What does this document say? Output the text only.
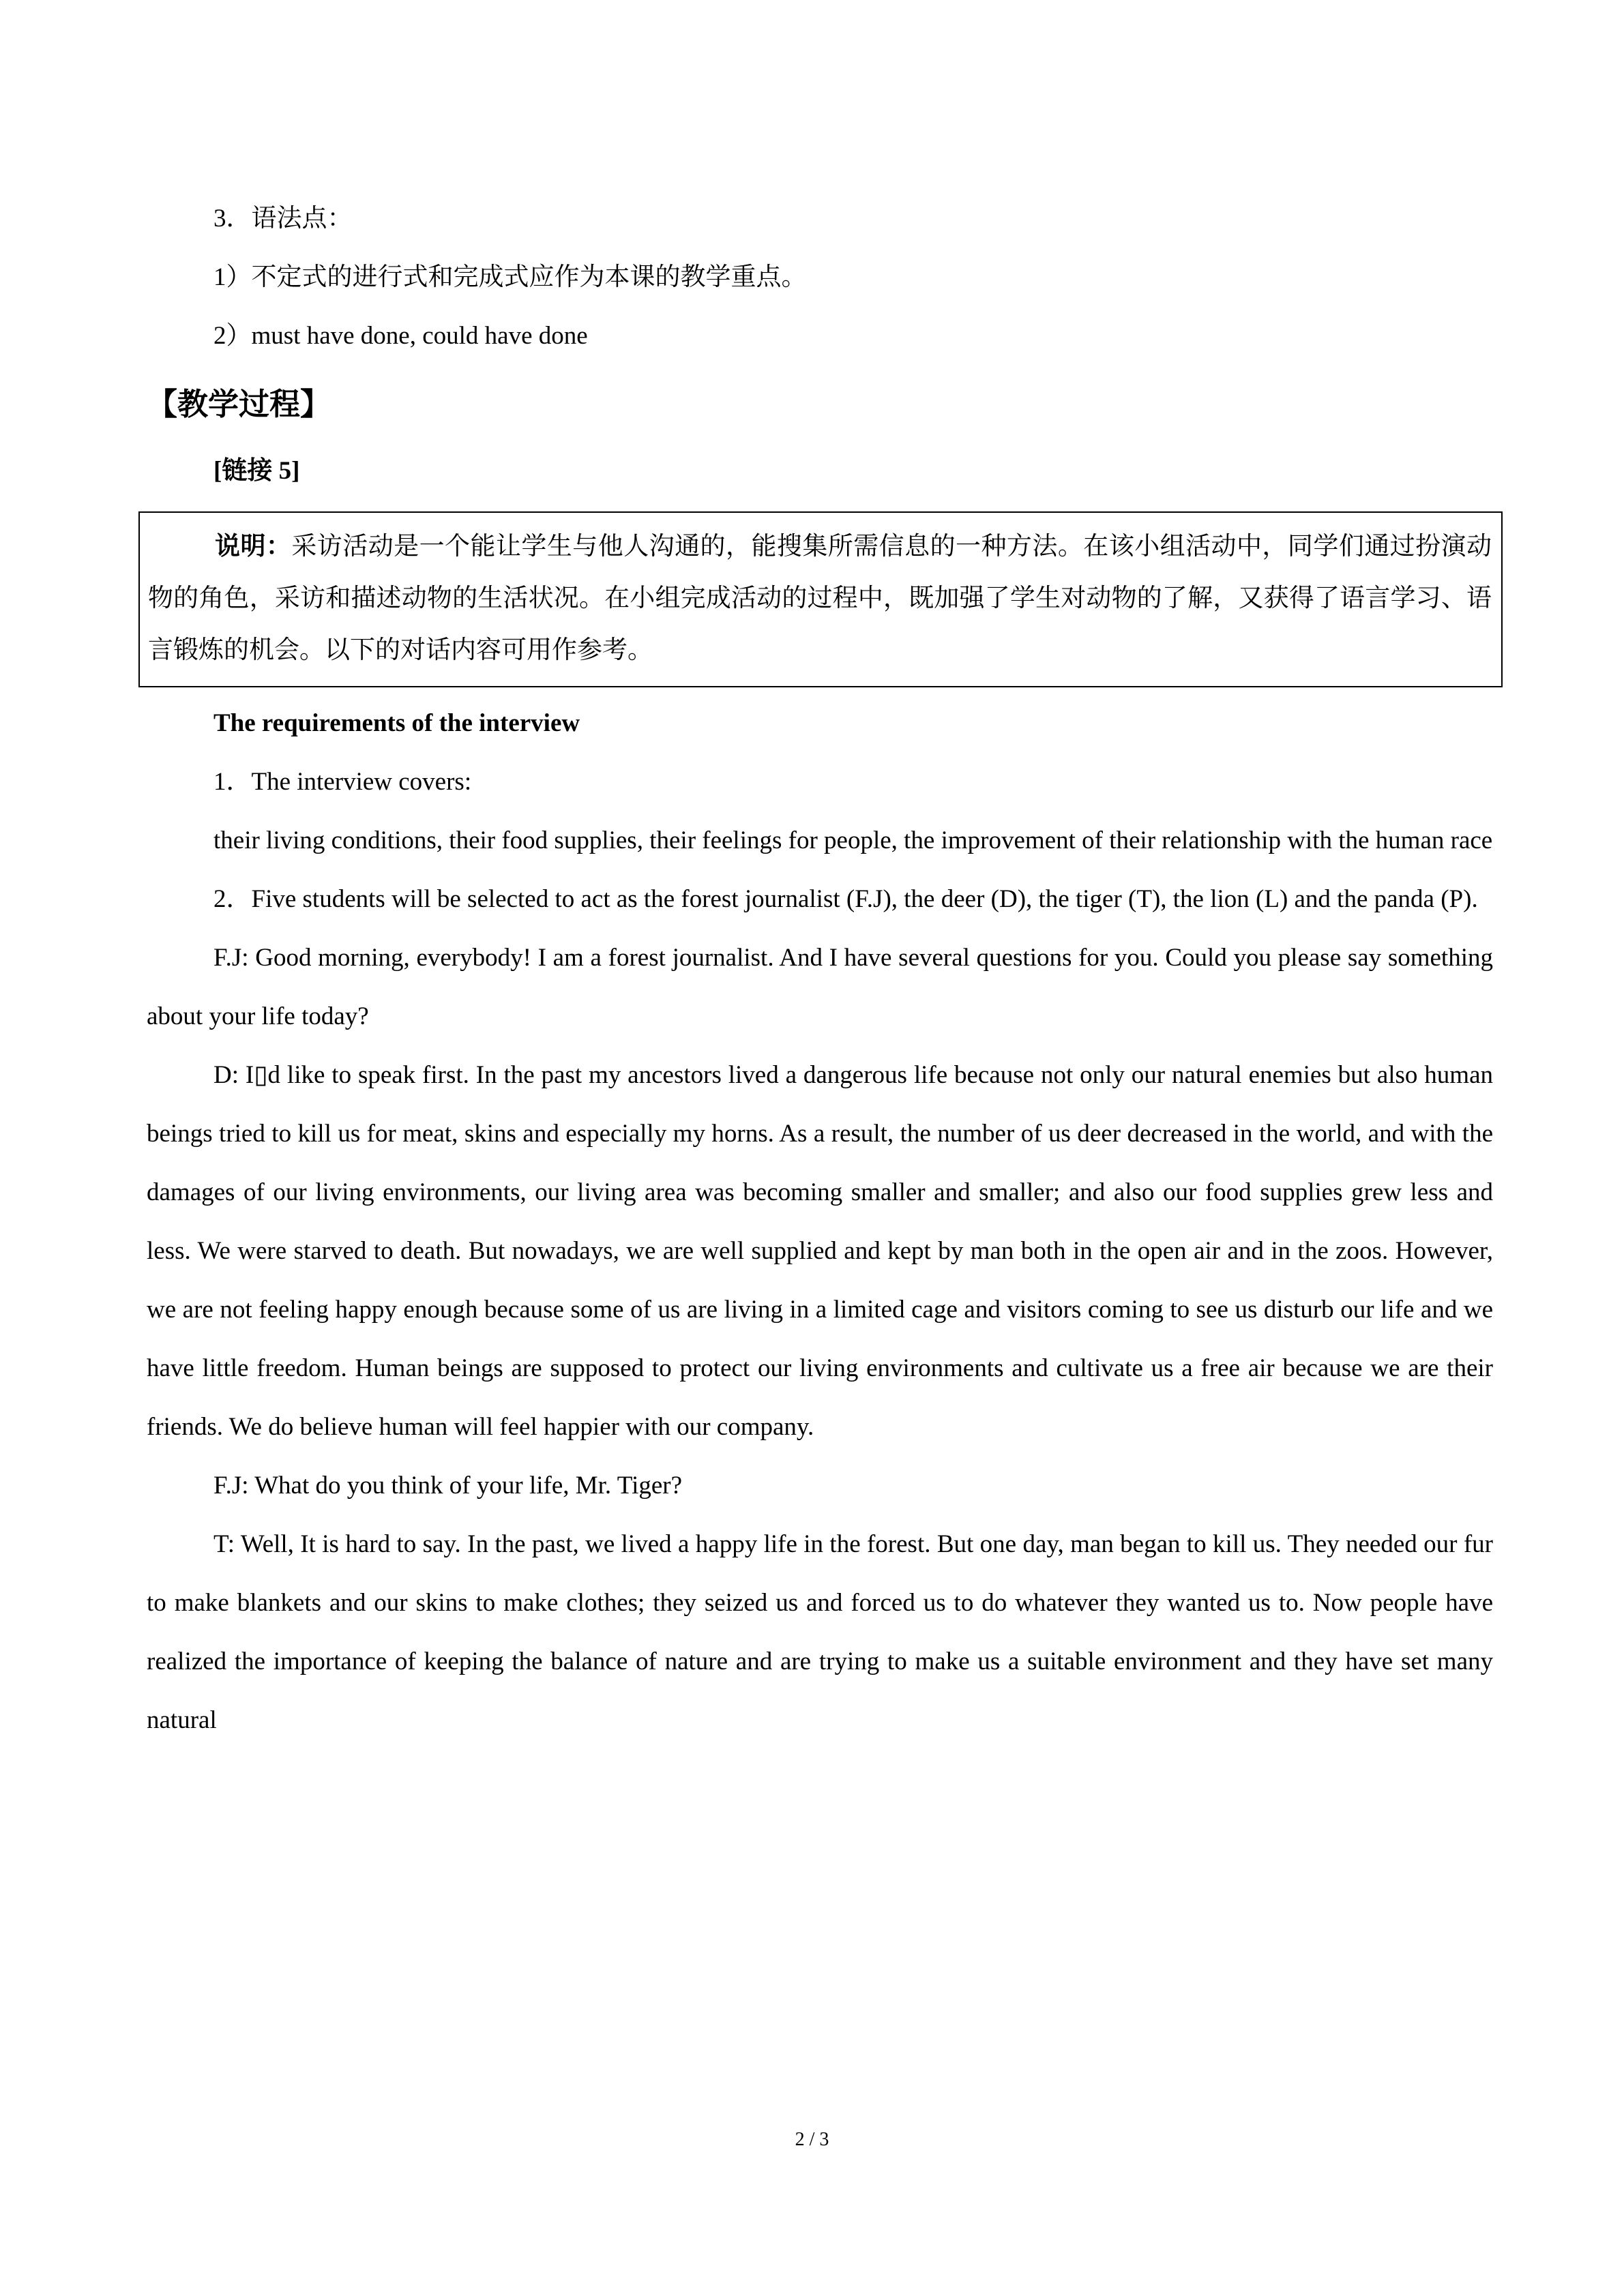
3．语法点：

1）不定式的进行式和完成式应作为本课的教学重点。

2）must have done, could have done

【教学过程】

[链接 5]

说明：采访活动是一个能让学生与他人沟通的，能搜集所需信息的一种方法。在该小组活动中，同学们通过扮演动物的角色，采访和描述动物的生活状况。在小组完成活动的过程中，既加强了学生对动物的了解，又获得了语言学习、语言锻炼的机会。以下的对话内容可用作参考。

The requirements of the interview

1．The interview covers:

their living conditions, their food supplies, their feelings for people, the improvement of their relationship with the human race

2．Five students will be selected to act as the forest journalist (F.J), the deer (D), the tiger (T), the lion (L) and the panda (P).

F.J: Good morning, everybody! I am a forest journalist. And I have several questions for you. Could you please say something about your life today?

D: I▯d like to speak first. In the past my ancestors lived a dangerous life because not only our natural enemies but also human beings tried to kill us for meat, skins and especially my horns. As a result, the number of us deer decreased in the world, and with the damages of our living environments, our living area was becoming smaller and smaller; and also our food supplies grew less and less. We were starved to death. But nowadays, we are well supplied and kept by man both in the open air and in the zoos. However, we are not feeling happy enough because some of us are living in a limited cage and visitors coming to see us disturb our life and we have little freedom. Human beings are supposed to protect our living environments and cultivate us a free air because we are their friends. We do believe human will feel happier with our company.

F.J: What do you think of your life, Mr. Tiger?

T: Well, It is hard to say. In the past, we lived a happy life in the forest. But one day, man began to kill us. They needed our fur to make blankets and our skins to make clothes; they seized us and forced us to do whatever they wanted us to. Now people have realized the importance of keeping the balance of nature and are trying to make us a suitable environment and they have set many natural

2 / 3
